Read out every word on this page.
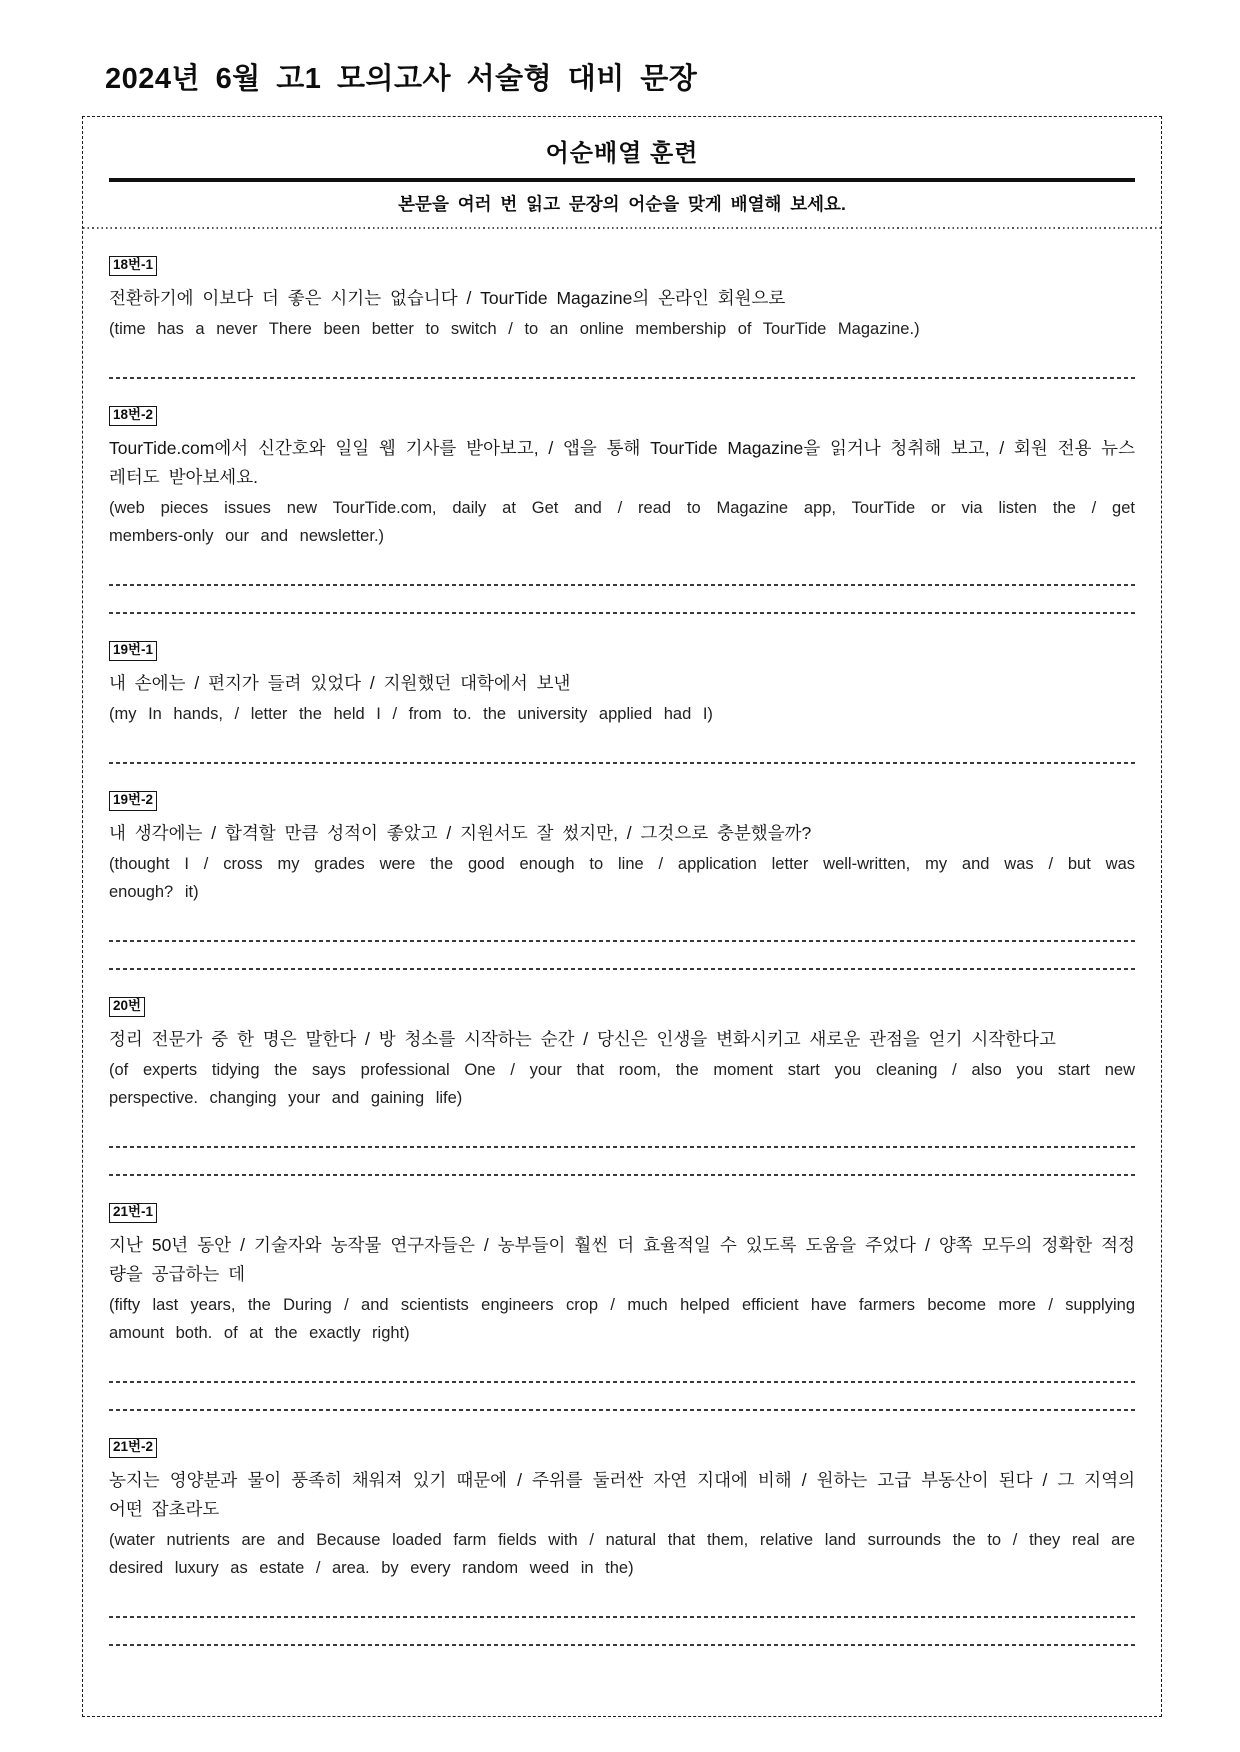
2024년 6월 고1 모의고사 서술형 대비 문장
어순배열 훈련
본문을 여러 번 읽고 문장의 어순을 맞게 배열해 보세요.
18번-1

전환하기에 이보다 더 좋은 시기는 없습니다 / TourTide Magazine의 온라인 회원으로

(time has a never There been better to switch / to an online membership of TourTide Magazine.)

18번-2

TourTide.com에서 신간호와 일일 웹 기사를 받아보고, / 앱을 통해 TourTide Magazine을 읽거나 청취해 보고, / 회원 전용 뉴스레터도 받아보세요.

(web pieces issues new TourTide.com, daily at Get and / read to Magazine app, TourTide or via listen the / get members-only our and newsletter.)

19번-1

내 손에는 / 편지가 들려 있었다 / 지원했던 대학에서 보낸

(my In hands, / letter the held I / from to. the university applied had I)

19번-2

내 생각에는 / 합격할 만큼 성적이 좋았고 / 지원서도 잘 썼지만, / 그것으로 충분했을까?

(thought I / cross my grades were the good enough to line / application letter well-written, my and was / but was enough? it)

20번

정리 전문가 중 한 명은 말한다 / 방 청소를 시작하는 순간 / 당신은 인생을 변화시키고 새로운 관점을 얻기 시작한다고

(of experts tidying the says professional One / your that room, the moment start you cleaning / also you start new perspective. changing your and gaining life)

21번-1

지난 50년 동안 / 기술자와 농작물 연구자들은 / 농부들이 훨씬 더 효율적일 수 있도록 도움을 주었다 / 양쪽 모두의 정확한 적정량을 공급하는 데

(fifty last years, the During / and scientists engineers crop / much helped efficient have farmers become more / supplying amount both. of at the exactly right)

21번-2

농지는 영양분과 물이 풍족히 채워져 있기 때문에 / 주위를 둘러싼 자연 지대에 비해 / 원하는 고급 부동산이 된다 / 그 지역의 어떤 잡초라도

(water nutrients are and Because loaded farm fields with / natural that them, relative land surrounds the to / they real are desired luxury as estate / area. by every random weed in the)
